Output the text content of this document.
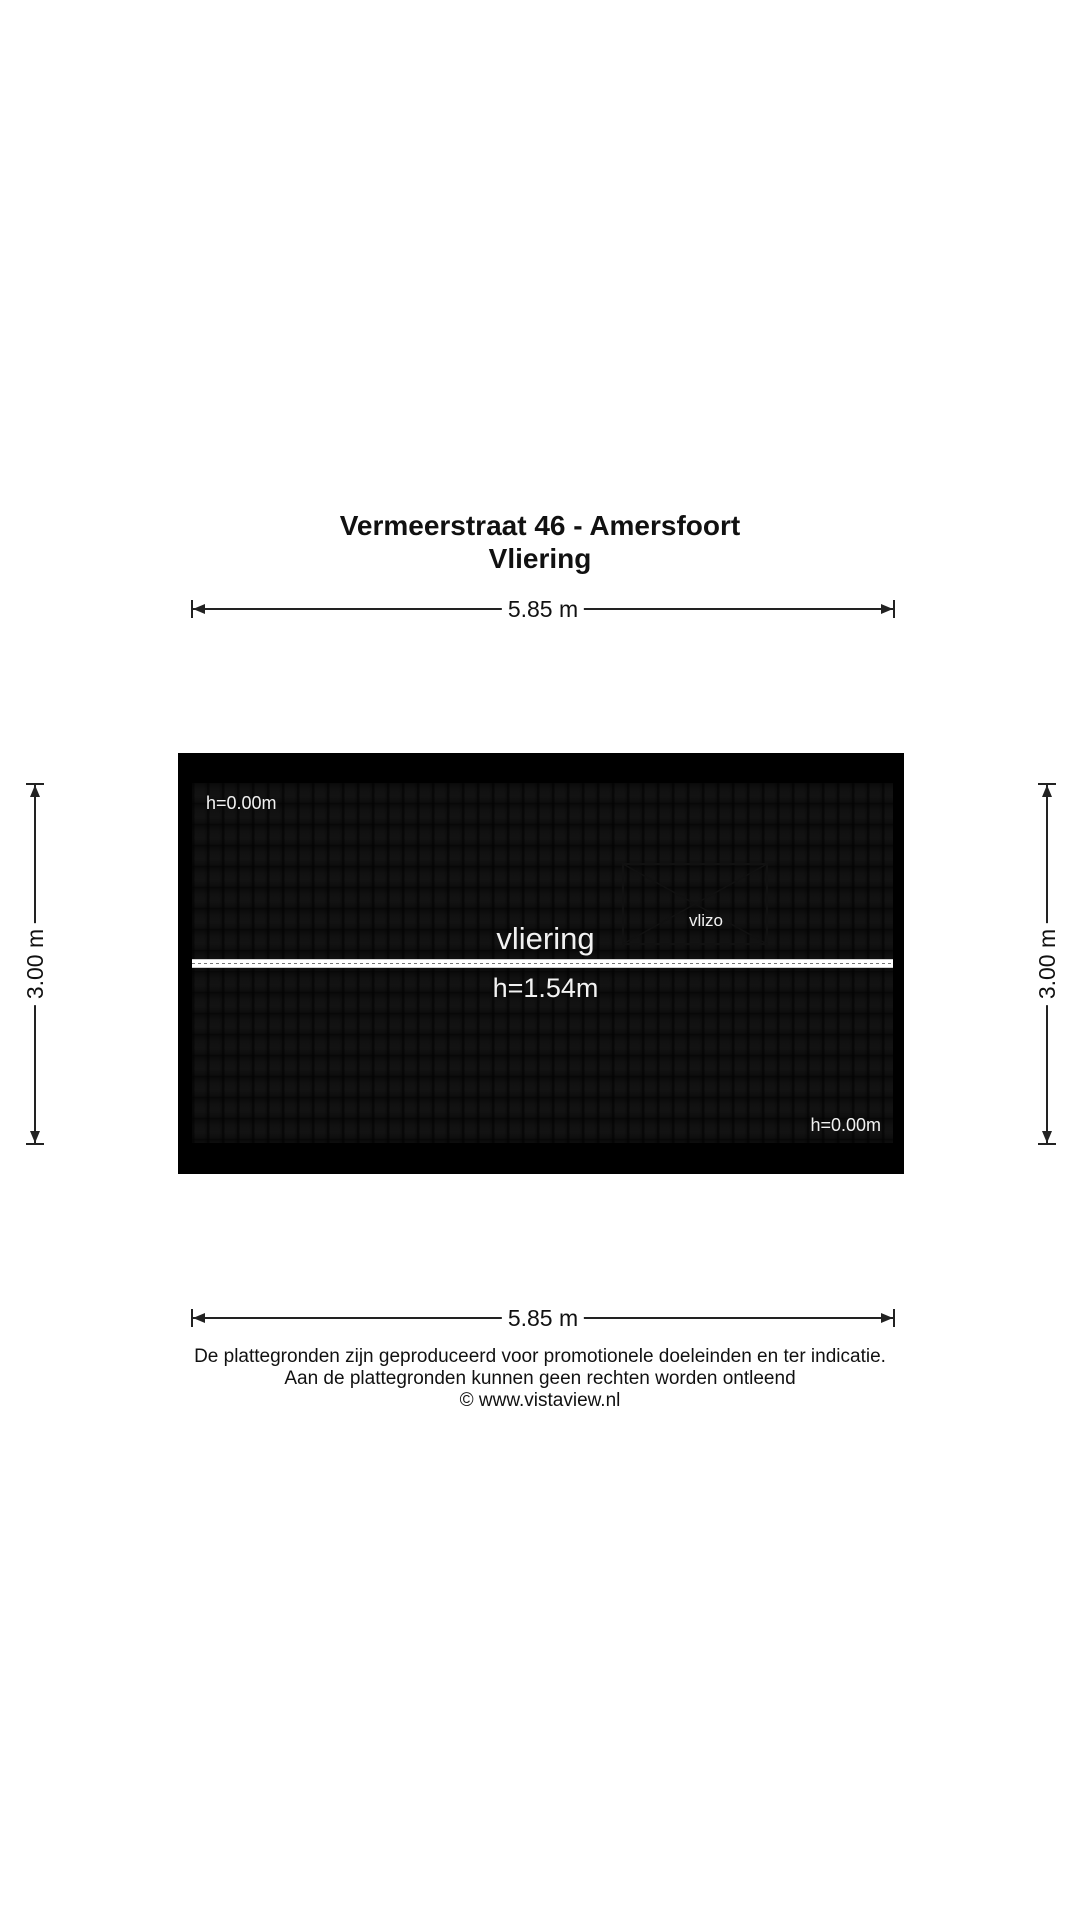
Vermeerstraat 46 - Amersfoort
Vliering
5.85 m
3.00 m	3.00 m
h=0.00m
vlizo
vliering
h=1.54m
h=0.00m
5.85 m
De plattegronden zijn geproduceerd voor promotionele doeleinden en ter indicatie.
Aan de plattegronden kunnen geen rechten worden ontleend
© www.vistaview.nl
